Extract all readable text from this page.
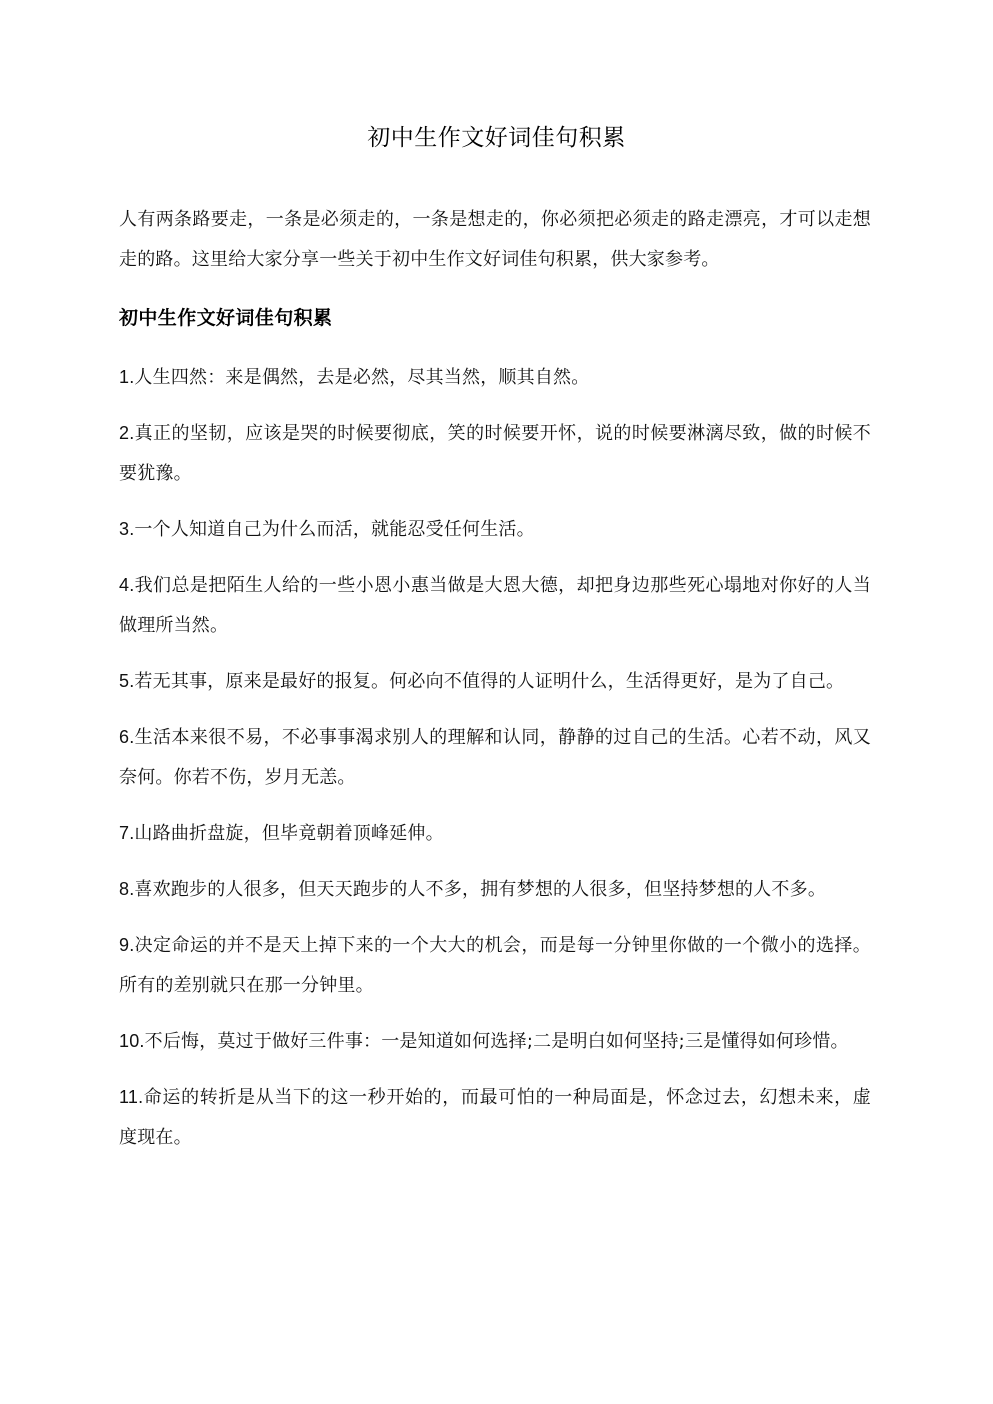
初中生作文好词佳句积累

人有两条路要走，一条是必须走的，一条是想走的，你必须把必须走的路走漂亮，才可以走想走的路。这里给大家分享一些关于初中生作文好词佳句积累，供大家参考。

初中生作文好词佳句积累

1.人生四然：来是偶然，去是必然，尽其当然，顺其自然。

2.真正的坚韧，应该是哭的时候要彻底，笑的时候要开怀，说的时候要淋漓尽致，做的时候不要犹豫。

3.一个人知道自己为什么而活，就能忍受任何生活。

4.我们总是把陌生人给的一些小恩小惠当做是大恩大德，却把身边那些死心塌地对你好的人当做理所当然。

5.若无其事，原来是最好的报复。何必向不值得的人证明什么，生活得更好，是为了自己。

6.生活本来很不易，不必事事渴求别人的理解和认同，静静的过自己的生活。心若不动，风又奈何。你若不伤，岁月无恙。

7.山路曲折盘旋，但毕竟朝着顶峰延伸。

8.喜欢跑步的人很多，但天天跑步的人不多，拥有梦想的人很多，但坚持梦想的人不多。

9.决定命运的并不是天上掉下来的一个大大的机会，而是每一分钟里你做的一个微小的选择。所有的差别就只在那一分钟里。

10.不后悔，莫过于做好三件事：一是知道如何选择;二是明白如何坚持;三是懂得如何珍惜。

11.命运的转折是从当下的这一秒开始的，而最可怕的一种局面是，怀念过去，幻想未来，虚度现在。
